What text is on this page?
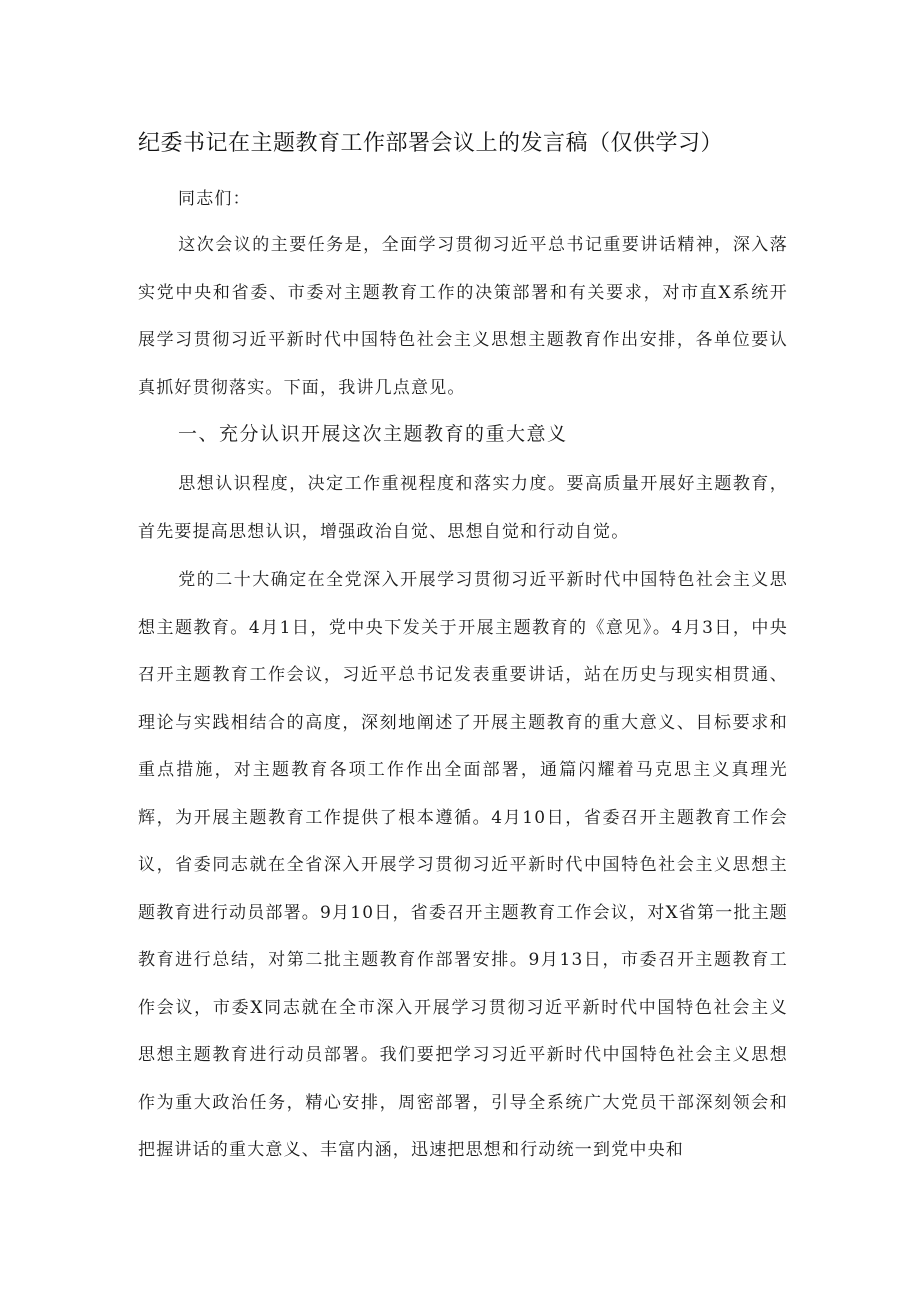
纪委书记在主题教育工作部署会议上的发言稿（仅供学习）
同志们：
这次会议的主要任务是，全面学习贯彻习近平总书记重要讲话精神，深入落实党中央和省委、市委对主题教育工作的决策部署和有关要求，对市直X系统开展学习贯彻习近平新时代中国特色社会主义思想主题教育作出安排，各单位要认真抓好贯彻落实。下面，我讲几点意见。
一、充分认识开展这次主题教育的重大意义
思想认识程度，决定工作重视程度和落实力度。要高质量开展好主题教育，首先要提高思想认识，增强政治自觉、思想自觉和行动自觉。
党的二十大确定在全党深入开展学习贯彻习近平新时代中国特色社会主义思想主题教育。4月1日，党中央下发关于开展主题教育的《意见》。4月3日，中央召开主题教育工作会议，习近平总书记发表重要讲话，站在历史与现实相贯通、理论与实践相结合的高度，深刻地阐述了开展主题教育的重大意义、目标要求和重点措施，对主题教育各项工作作出全面部署，通篇闪耀着马克思主义真理光辉，为开展主题教育工作提供了根本遵循。4月10日，省委召开主题教育工作会议，省委同志就在全省深入开展学习贯彻习近平新时代中国特色社会主义思想主题教育进行动员部署。9月10日，省委召开主题教育工作会议，对X省第一批主题教育进行总结，对第二批主题教育作部署安排。9月13日，市委召开主题教育工作会议，市委X同志就在全市深入开展学习贯彻习近平新时代中国特色社会主义思想主题教育进行动员部署。我们要把学习习近平新时代中国特色社会主义思想作为重大政治任务，精心安排，周密部署，引导全系统广大党员干部深刻领会和把握讲话的重大意义、丰富内涵，迅速把思想和行动统一到党中央和
